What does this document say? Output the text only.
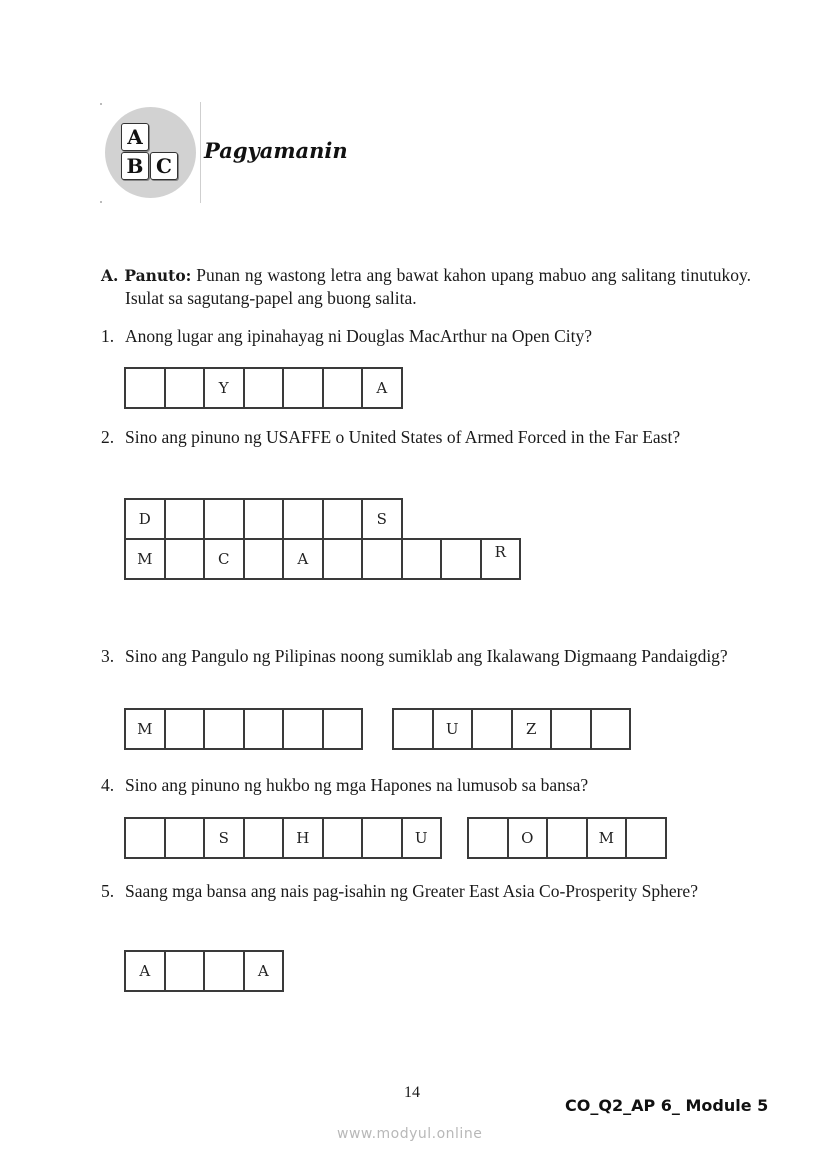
A
B C
Pagyamanin
A. Panuto: Punan ng wastong letra ang bawat kahon upang mabuo ang salitang tinutukoy. Isulat sa sagutang-papel ang buong salita.
1. Anong lugar ang ipinahayag ni Douglas MacArthur na Open City?
Y	A
2. Sino ang pinuno ng USAFFE o United States of Armed Forced in the Far East?
D	S
M	C	A	R
3. Sino ang Pangulo ng Pilipinas noong sumiklab ang Ikalawang Digmaang Pandaigdig?
M	U	Z
4. Sino ang pinuno ng hukbo ng mga Hapones na lumusob sa bansa?
S	H	U	O	M
5. Saang mga bansa ang nais pag-isahin ng Greater East Asia Co-Prosperity Sphere?
A	A
14
CO_Q2_AP 6_ Module 5
www.modyul.online
